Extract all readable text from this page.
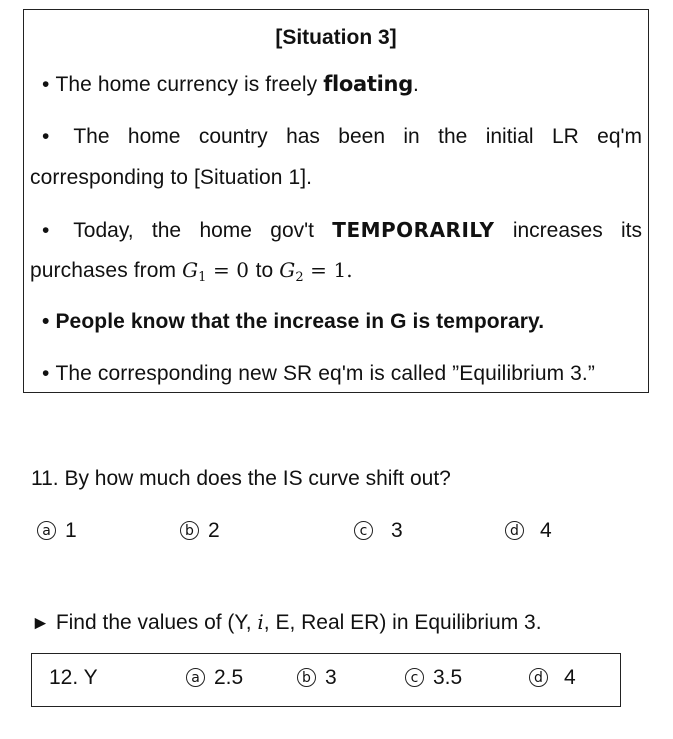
[Situation 3]
• The home currency is freely floating.
• The home country has been in the initial LR eq'm
corresponding to [Situation 1].
• Today, the home gov't TEMPORARILY increases its
purchases from $G_1 = 0$ to $G_2 = 1$.
• People know that the increase in G is temporary.
• The corresponding new SR eq'm is called ”Equilibrium 3.”
11. By how much does the IS curve shift out?
a 1	b 2	c 3	d 4
► Find the values of (Y, i, E, Real ER) in Equilibrium 3.
12. Y	a 2.5	b 3	c 3.5	d 4
